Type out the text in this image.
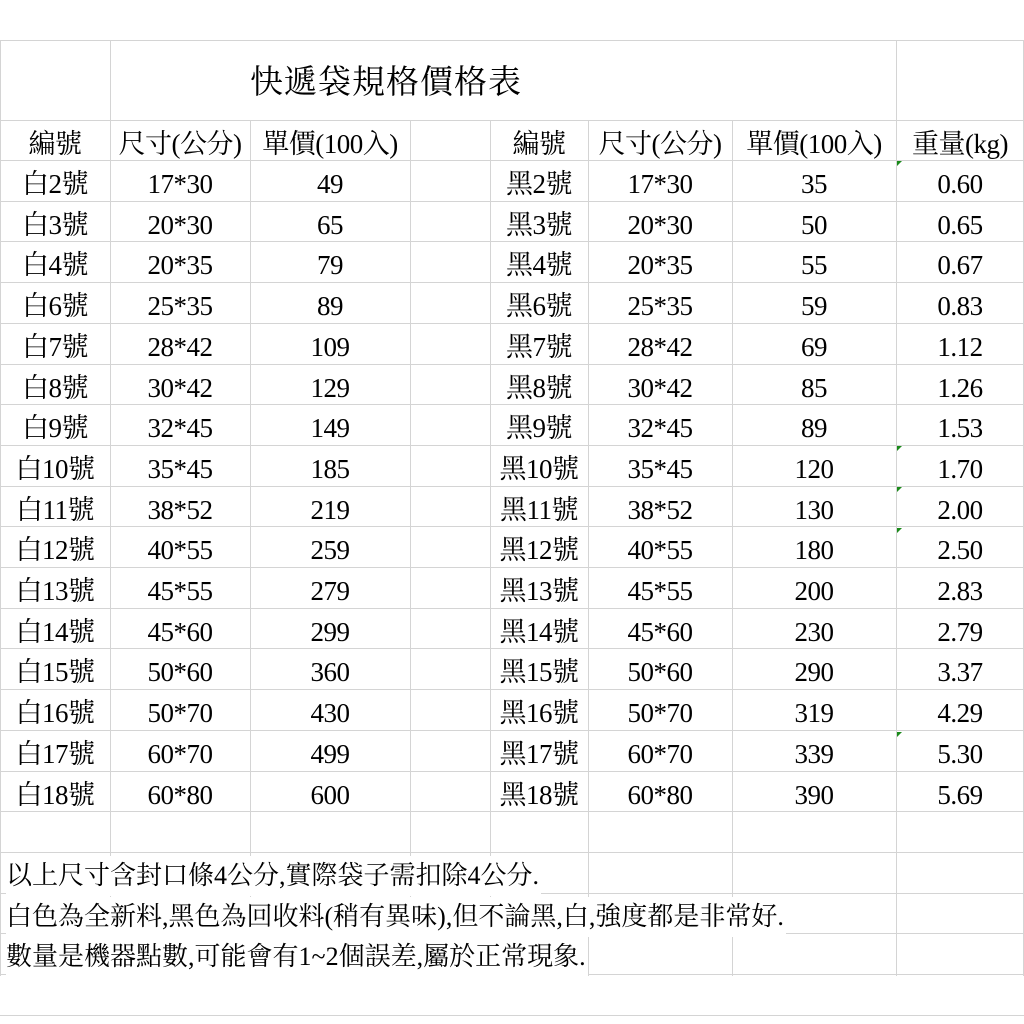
快遞袋規格價格表
編號	尺寸(公分) 單價(100入)	編號	尺寸(公分) 單價(100入)	重量(kg)
白2號	17*30	49	黑2號	17*30	35	0.60
白3號	20*30	65	黑3號	20*30	50	0.65
白4號	20*35	79	黑4號	20*35	55	0.67
白6號	25*35	89	黑6號	25*35	59	0.83
白7號	28*42	109	黑7號	28*42	69	1.12
白8號	30*42	129	黑8號	30*42	85	1.26
白9號	32*45	149	黑9號	32*45	89	1.53
白10號	35*45	185	黑10號	35*45	120	1.70
白11號	38*52	219	黑11號	38*52	130	2.00
白12號	40*55	259	黑12號	40*55	180	2.50
白13號	45*55	279	黑13號	45*55	200	2.83
白14號	45*60	299	黑14號	45*60	230	2.79
白15號	50*60	360	黑15號	50*60	290	3.37
白16號	50*70	430	黑16號	50*70	319	4.29
白17號	60*70	499	黑17號	60*70	339	5.30
白18號	60*80	600	黑18號	60*80	390	5.69
以上尺寸含封口條4公分,實際袋子需扣除4公分.
白色為全新料,黑色為回收料(稍有異味),但不論黑,白,強度都是非常好.
數量是機器點數,可能會有1~2個誤差,屬於正常現象.
